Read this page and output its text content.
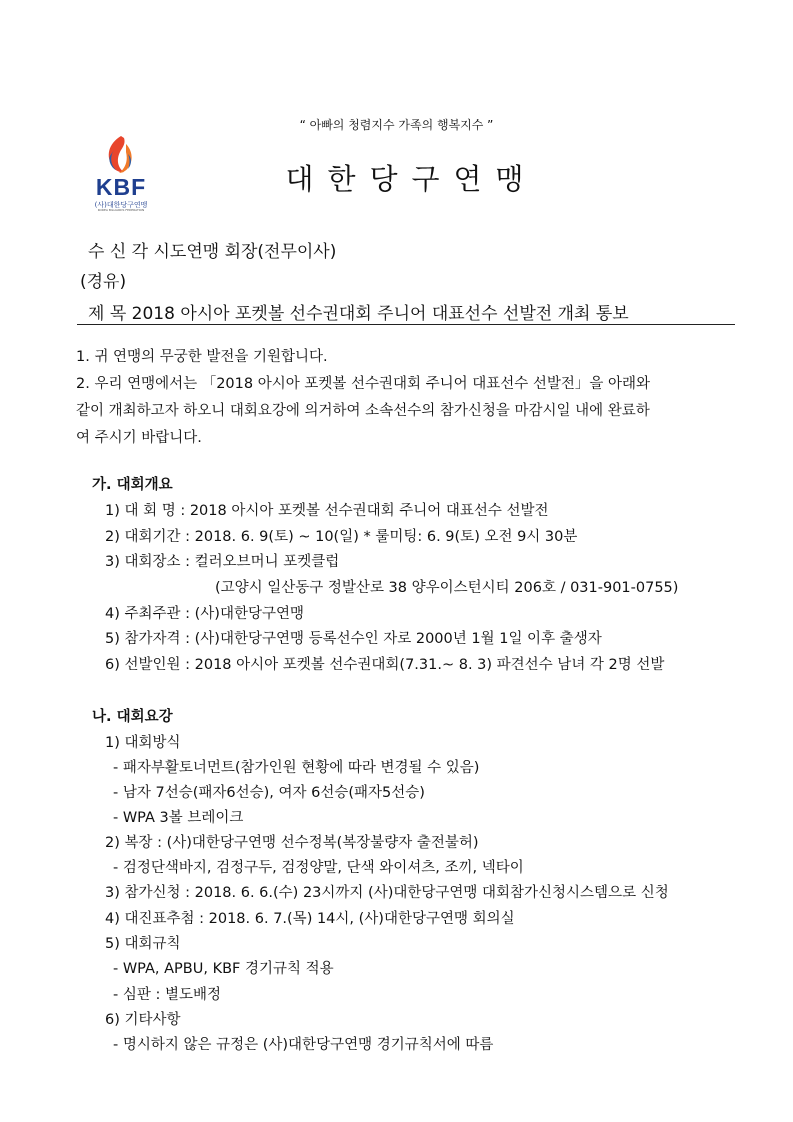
“ 아빠의 청렴지수 가족의 행복지수 ”
KBF
(사)대한당구연맹
KOREA BILLIARDS FEDERATION
대한당구연맹
수 신 각 시도연맹 회장(전무이사)
(경유)
제 목 2018 아시아 포켓볼 선수권대회 주니어 대표선수 선발전 개최 통보
1. 귀 연맹의 무궁한 발전을 기원합니다.
2. 우리 연맹에서는 「2018 아시아 포켓볼 선수권대회 주니어 대표선수 선발전」을 아래와
같이 개최하고자 하오니 대회요강에 의거하여 소속선수의 참가신청을 마감시일 내에 완료하
여 주시기 바랍니다.
가. 대회개요
1) 대 회 명 : 2018 아시아 포켓볼 선수권대회 주니어 대표선수 선발전
2) 대회기간 : 2018. 6. 9(토) ~ 10(일) * 룰미팅: 6. 9(토) 오전 9시 30분
3) 대회장소 : 컬러오브머니 포켓클럽
(고양시 일산동구 정발산로 38 양우이스턴시티 206호 / 031-901-0755)
4) 주최주관 : (사)대한당구연맹
5) 참가자격 : (사)대한당구연맹 등록선수인 자로 2000년 1월 1일 이후 출생자
6) 선발인원 : 2018 아시아 포켓볼 선수권대회(7.31.~ 8. 3) 파견선수 남녀 각 2명 선발
나. 대회요강
1) 대회방식
- 패자부활토너먼트(참가인원 현황에 따라 변경될 수 있음)
- 남자 7선승(패자6선승), 여자 6선승(패자5선승)
- WPA 3볼 브레이크
2) 복장 : (사)대한당구연맹 선수정복(복장불량자 출전불허)
- 검정단색바지, 검정구두, 검정양말, 단색 와이셔츠, 조끼, 넥타이
3) 참가신청 : 2018. 6. 6.(수) 23시까지 (사)대한당구연맹 대회참가신청시스템으로 신청
4) 대진표추첨 : 2018. 6. 7.(목) 14시, (사)대한당구연맹 회의실
5) 대회규칙
- WPA, APBU, KBF 경기규칙 적용
- 심판 : 별도배정
6) 기타사항
- 명시하지 않은 규정은 (사)대한당구연맹 경기규칙서에 따름
